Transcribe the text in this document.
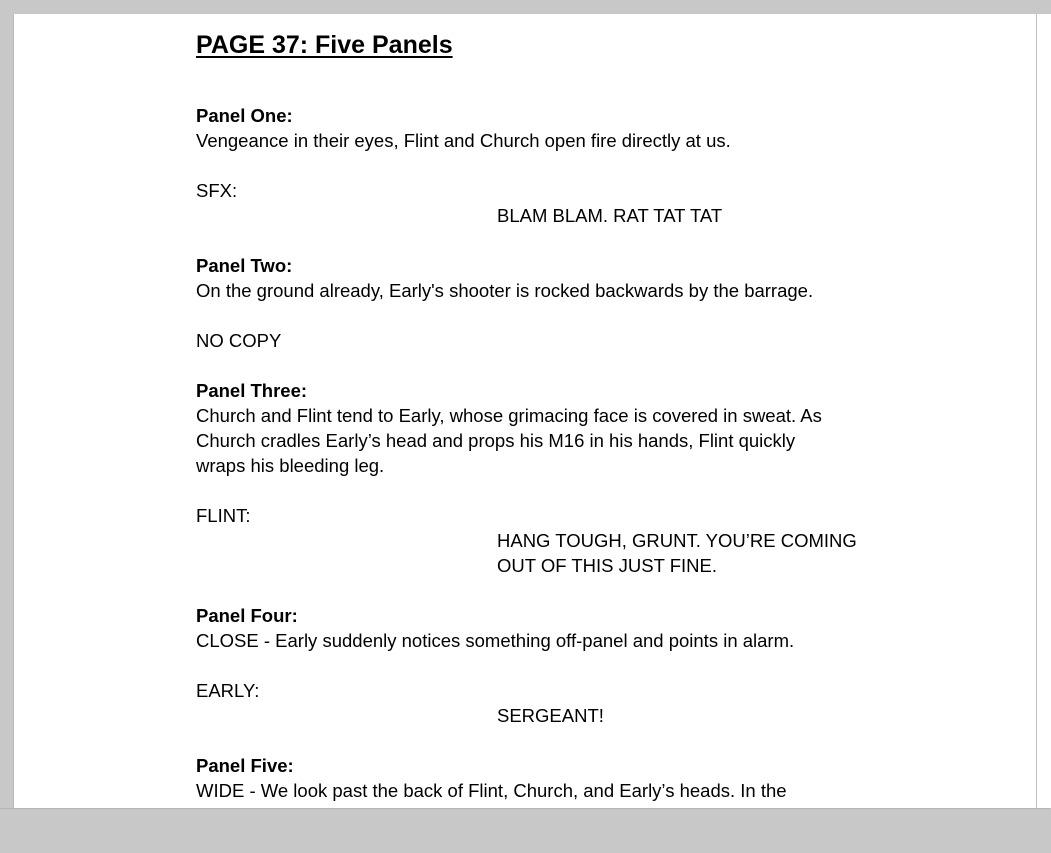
PAGE 37: Five Panels
Panel One:
Vengeance in their eyes, Flint and Church open fire directly at us.
SFX:
BLAM BLAM. RAT TAT TAT
Panel Two:
On the ground already, Early's shooter is rocked backwards by the barrage.
NO COPY
Panel Three:
Church and Flint tend to Early, whose grimacing face is covered in sweat. As
Church cradles Early’s head and props his M16 in his hands, Flint quickly
wraps his bleeding leg.
FLINT:
HANG TOUGH, GRUNT. YOU’RE COMING
OUT OF THIS JUST FINE.
Panel Four:
CLOSE - Early suddenly notices something off-panel and points in alarm.
EARLY:
SERGEANT!
Panel Five:
WIDE - We look past the back of Flint, Church, and Early’s heads. In the
